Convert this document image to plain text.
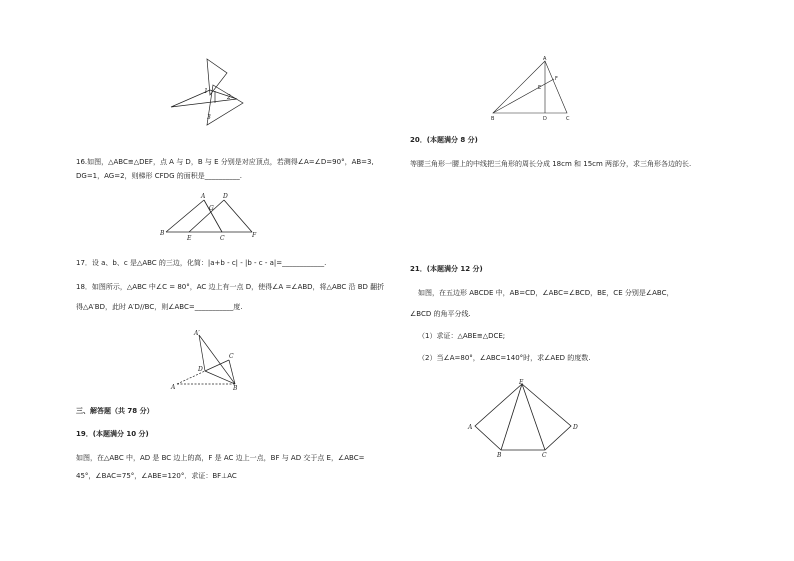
1
2
3
16.如图，△ABC≌△DEF，点 A 与 D，B 与 E 分别是对应顶点，若测得∠A=∠D=90°，AB=3,
DG=1，AG=2，则梯形 CFDG 的面积是__________.
A	D
G
B
E	C	F
17．设 a、b、c 是△ABC 的三边，化简：|a+b - c| - |b - c - a|=____________.
18．如图所示，△ABC 中∠C = 80°，AC 边上有一点 D，使得∠A =∠ABD，将△ABC 沿 BD 翻折
得△A′BD，此时 A′D//BC，则∠ABC=___________度.
A′
C
D
A	B
三、解答题（共 78 分）
19．(本题满分 10 分)
如图，在△ABC 中，AD 是 BC 边上的高，F 是 AC 边上一点，BF 与 AD 交于点 E，∠ABC=
45°，∠BAC=75°，∠ABE=120°．求证：BF⊥AC
A
F
E
B	D	C
20．(本题满分 8 分)
等腰三角形一腰上的中线把三角形的周长分成 18cm 和 15cm 两部分，求三角形各边的长.
21．(本题满分 12 分)
如图，在五边形 ABCDE 中，AB=CD，∠ABC=∠BCD，BE，CE 分别是∠ABC，
∠BCD 的角平分线.
（1）求证：△ABE≌△DCE;
（2）当∠A=80°，∠ABC=140°时，求∠AED 的度数.
E
A	D
B	C
